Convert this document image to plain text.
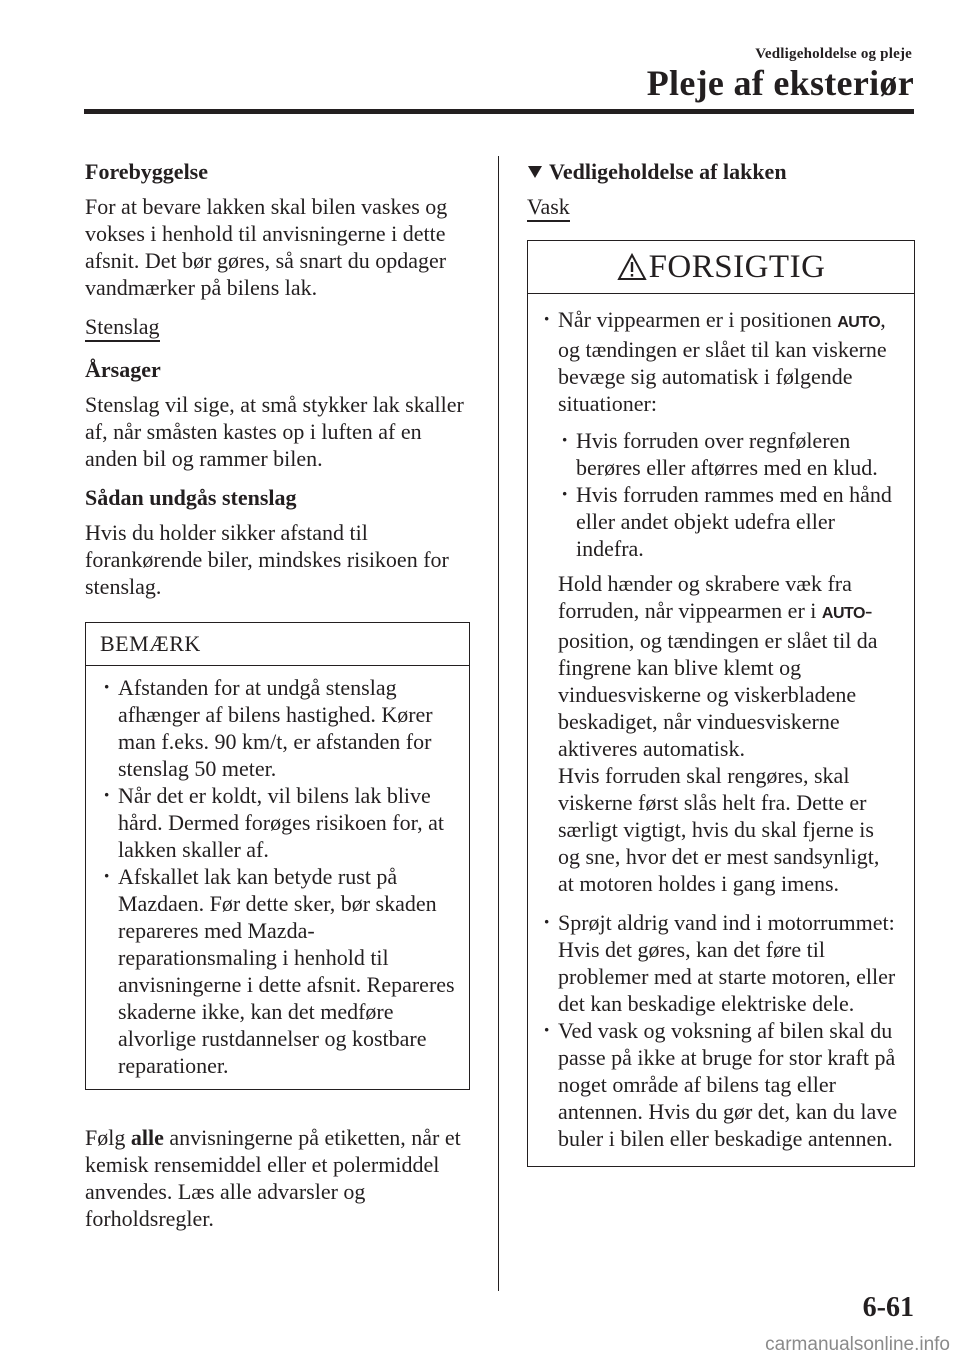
Vedligeholdelse og pleje
Pleje af eksteriør
Forebyggelse
For at bevare lakken skal bilen vaskes og vokses i henhold til anvisningerne i dette afsnit. Det bør gøres, så snart du opdager vandmærker på bilens lak.
Stenslag
Årsager
Stenslag vil sige, at små stykker lak skaller af, når småsten kastes op i luften af en anden bil og rammer bilen.
Sådan undgås stenslag
Hvis du holder sikker afstand til forankørende biler, mindskes risikoen for stenslag.
BEMÆRK
· Afstanden for at undgå stenslag afhænger af bilens hastighed. Kører man f.eks. 90 km/t, er afstanden for stenslag 50 meter.
· Når det er koldt, vil bilens lak blive hård. Dermed forøges risikoen for, at lakken skaller af.
· Afskallet lak kan betyde rust på Mazdaen. Før dette sker, bør skaden repareres med Mazda-reparationsmaling i henhold til anvisningerne i dette afsnit. Repareres skaderne ikke, kan det medføre alvorlige rustdannelser og kostbare reparationer.
Følg alle anvisningerne på etiketten, når et kemisk rensemiddel eller et polermiddel anvendes. Læs alle advarsler og forholdsregler.
Vedligeholdelse af lakken
Vask
FORSIGTIG
· Når vippearmen er i positionen AUTO, og tændingen er slået til kan viskerne bevæge sig automatisk i følgende situationer:
· Hvis forruden over regnføleren berøres eller aftørres med en klud.
· Hvis forruden rammes med en hånd eller andet objekt udefra eller indefra.
Hold hænder og skrabere væk fra forruden, når vippearmen er i AUTO-position, og tændingen er slået til da fingrene kan blive klemt og vinduesviskerne og viskerbladene beskadiget, når vinduesviskerne aktiveres automatisk.
Hvis forruden skal rengøres, skal viskerne først slås helt fra. Dette er særligt vigtigt, hvis du skal fjerne is og sne, hvor det er mest sandsynligt, at motoren holdes i gang imens.
· Sprøjt aldrig vand ind i motorrummet: Hvis det gøres, kan det føre til problemer med at starte motoren, eller det kan beskadige elektriske dele.
· Ved vask og voksning af bilen skal du passe på ikke at bruge for stor kraft på noget område af bilens tag eller antennen. Hvis du gør det, kan du lave buler i bilen eller beskadige antennen.
6-61
carmanualsonline.info
